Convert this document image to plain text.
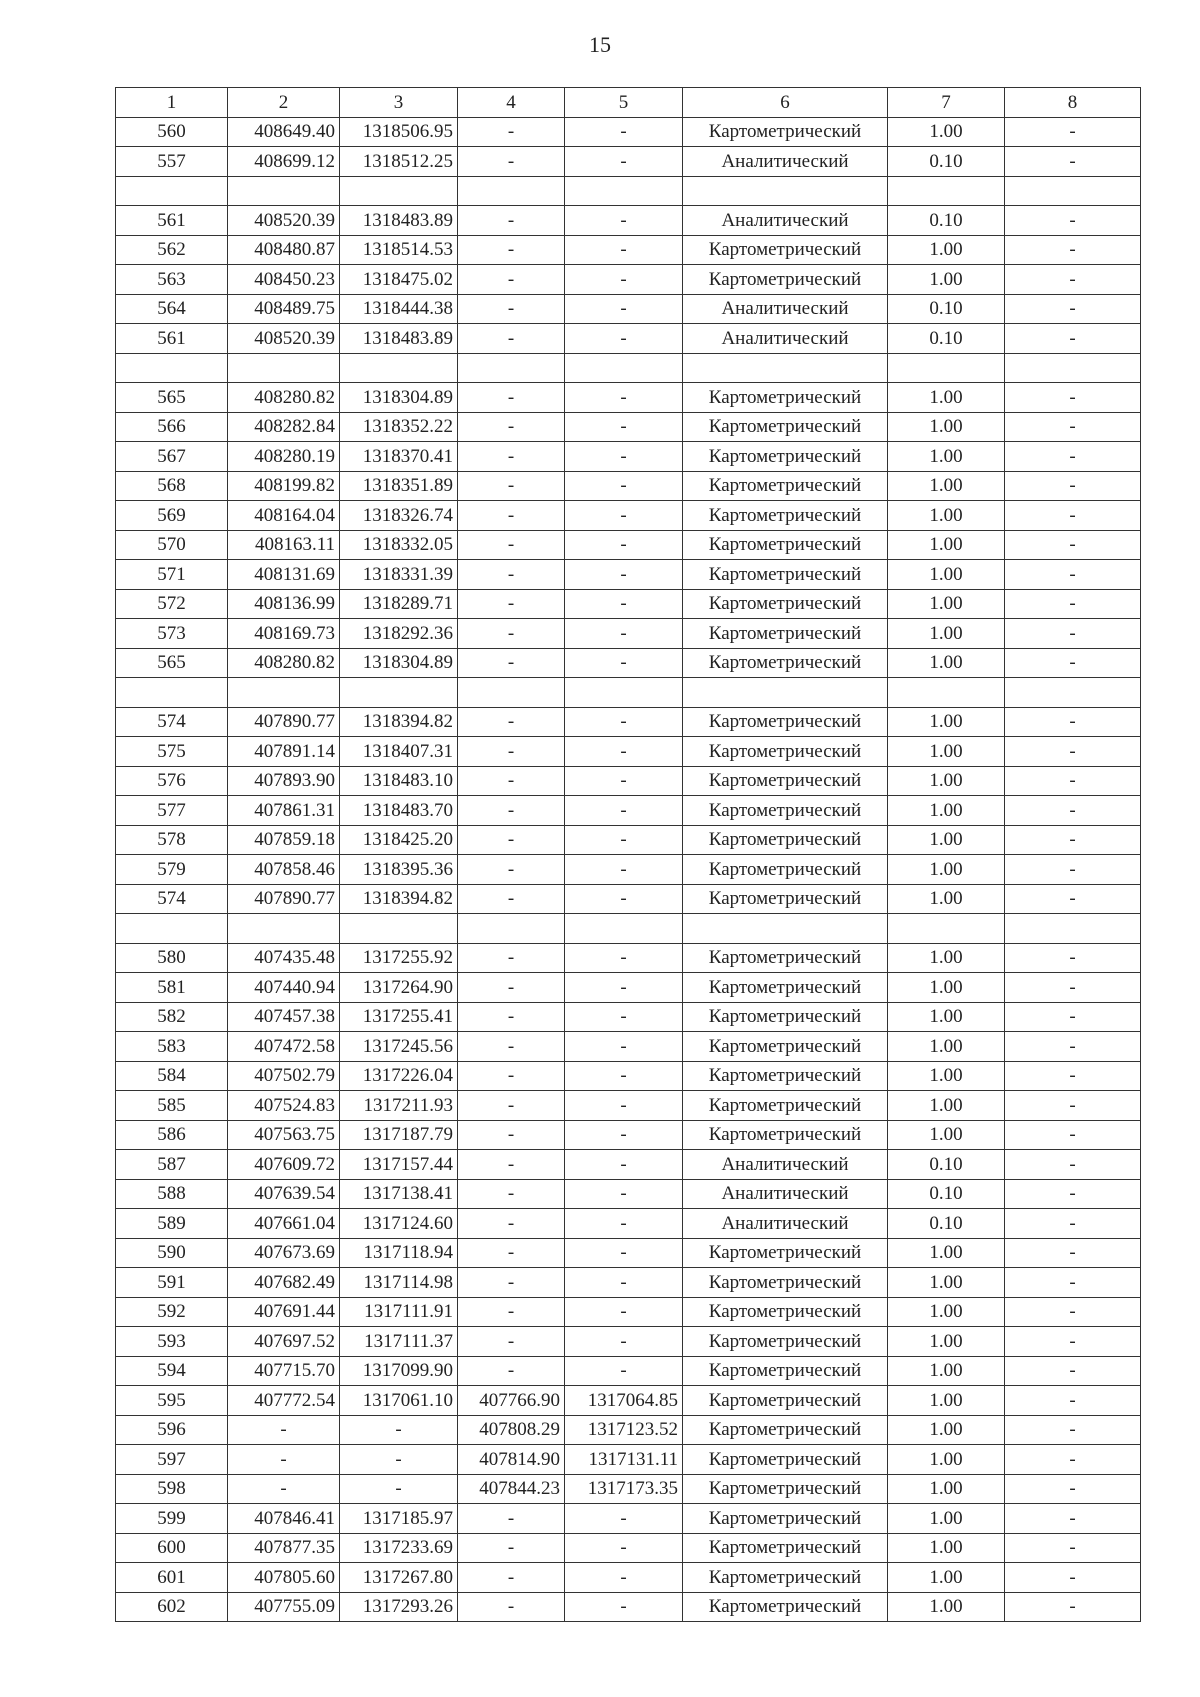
15
1	2	3	4	5	6	7	8
560	408649.40	1318506.95	-	-	Картометрический	1.00	-
557	408699.12	1318512.25	-	-	Аналитический	0.10	-

561	408520.39	1318483.89	-	-	Аналитический	0.10	-
562	408480.87	1318514.53	-	-	Картометрический	1.00	-
563	408450.23	1318475.02	-	-	Картометрический	1.00	-
564	408489.75	1318444.38	-	-	Аналитический	0.10	-
561	408520.39	1318483.89	-	-	Аналитический	0.10	-

565	408280.82	1318304.89	-	-	Картометрический	1.00	-
566	408282.84	1318352.22	-	-	Картометрический	1.00	-
567	408280.19	1318370.41	-	-	Картометрический	1.00	-
568	408199.82	1318351.89	-	-	Картометрический	1.00	-
569	408164.04	1318326.74	-	-	Картометрический	1.00	-
570	408163.11	1318332.05	-	-	Картометрический	1.00	-
571	408131.69	1318331.39	-	-	Картометрический	1.00	-
572	408136.99	1318289.71	-	-	Картометрический	1.00	-
573	408169.73	1318292.36	-	-	Картометрический	1.00	-
565	408280.82	1318304.89	-	-	Картометрический	1.00	-

574	407890.77	1318394.82	-	-	Картометрический	1.00	-
575	407891.14	1318407.31	-	-	Картометрический	1.00	-
576	407893.90	1318483.10	-	-	Картометрический	1.00	-
577	407861.31	1318483.70	-	-	Картометрический	1.00	-
578	407859.18	1318425.20	-	-	Картометрический	1.00	-
579	407858.46	1318395.36	-	-	Картометрический	1.00	-
574	407890.77	1318394.82	-	-	Картометрический	1.00	-

580	407435.48	1317255.92	-	-	Картометрический	1.00	-
581	407440.94	1317264.90	-	-	Картометрический	1.00	-
582	407457.38	1317255.41	-	-	Картометрический	1.00	-
583	407472.58	1317245.56	-	-	Картометрический	1.00	-
584	407502.79	1317226.04	-	-	Картометрический	1.00	-
585	407524.83	1317211.93	-	-	Картометрический	1.00	-
586	407563.75	1317187.79	-	-	Картометрический	1.00	-
587	407609.72	1317157.44	-	-	Аналитический	0.10	-
588	407639.54	1317138.41	-	-	Аналитический	0.10	-
589	407661.04	1317124.60	-	-	Аналитический	0.10	-
590	407673.69	1317118.94	-	-	Картометрический	1.00	-
591	407682.49	1317114.98	-	-	Картометрический	1.00	-
592	407691.44	1317111.91	-	-	Картометрический	1.00	-
593	407697.52	1317111.37	-	-	Картометрический	1.00	-
594	407715.70	1317099.90	-	-	Картометрический	1.00	-
595	407772.54	1317061.10	407766.90	1317064.85	Картометрический	1.00	-
596	-	-	407808.29	1317123.52	Картометрический	1.00	-
597	-	-	407814.90	1317131.11	Картометрический	1.00	-
598	-	-	407844.23	1317173.35	Картометрический	1.00	-
599	407846.41	1317185.97	-	-	Картометрический	1.00	-
600	407877.35	1317233.69	-	-	Картометрический	1.00	-
601	407805.60	1317267.80	-	-	Картометрический	1.00	-
602	407755.09	1317293.26	-	-	Картометрический	1.00	-
